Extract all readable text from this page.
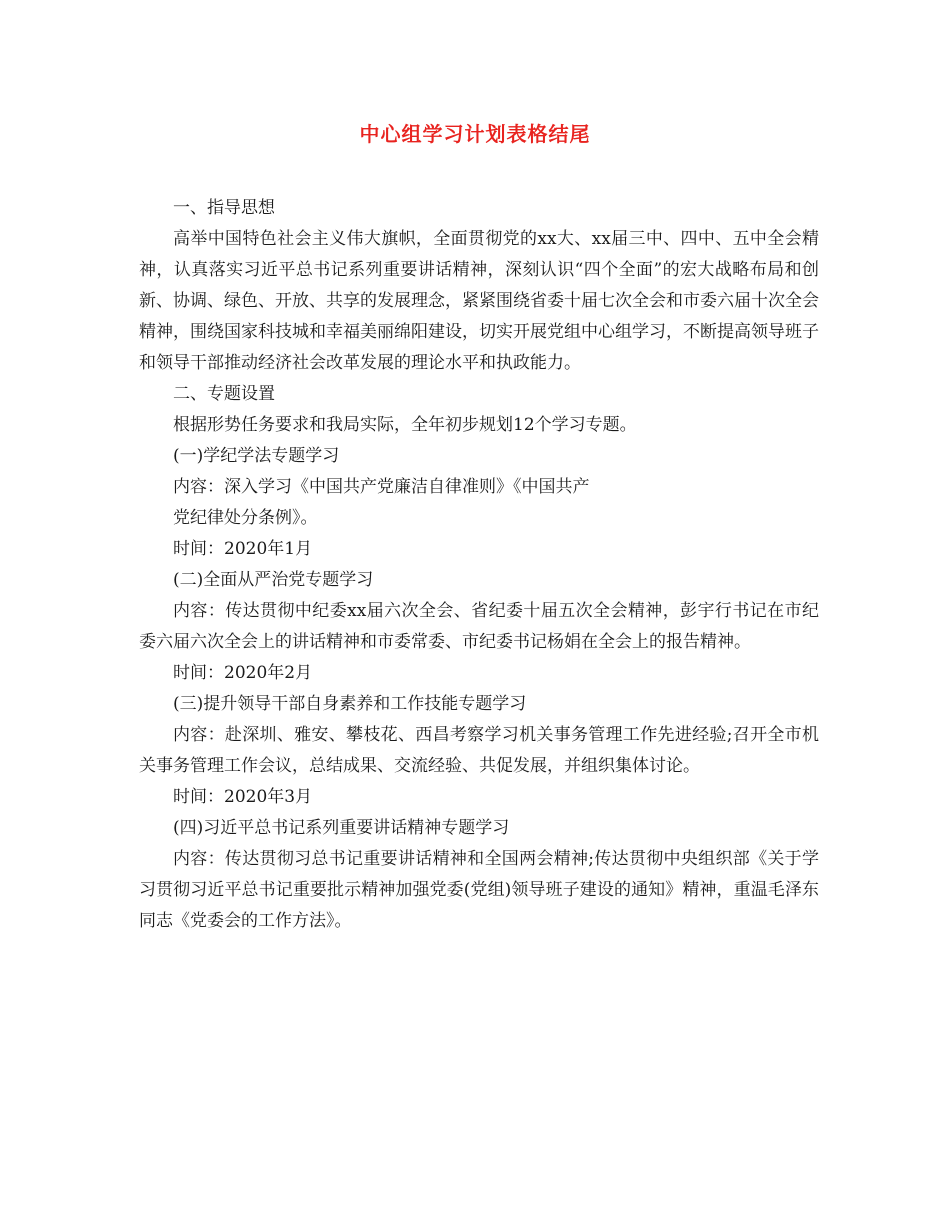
中心组学习计划表格结尾

一、指导思想

高举中国特色社会主义伟大旗帜，全面贯彻党的xx大、xx届三中、四中、五中全会精神，认真落实习近平总书记系列重要讲话精神，深刻认识“四个全面”的宏大战略布局和创新、协调、绿色、开放、共享的发展理念，紧紧围绕省委十届七次全会和市委六届十次全会精神，围绕国家科技城和幸福美丽绵阳建设，切实开展党组中心组学习，不断提高领导班子和领导干部推动经济社会改革发展的理论水平和执政能力。

二、专题设置

根据形势任务要求和我局实际，全年初步规划12个学习专题。

(一)学纪学法专题学习

内容：深入学习《中国共产党廉洁自律准则》《中国共产

党纪律处分条例》。

时间：2020年1月

(二)全面从严治党专题学习

内容：传达贯彻中纪委xx届六次全会、省纪委十届五次全会精神，彭宇行书记在市纪委六届六次全会上的讲话精神和市委常委、市纪委书记杨娟在全会上的报告精神。

时间：2020年2月

(三)提升领导干部自身素养和工作技能专题学习

内容：赴深圳、雅安、攀枝花、西昌考察学习机关事务管理工作先进经验;召开全市机关事务管理工作会议，总结成果、交流经验、共促发展，并组织集体讨论。

时间：2020年3月

(四)习近平总书记系列重要讲话精神专题学习

内容：传达贯彻习总书记重要讲话精神和全国两会精神;传达贯彻中央组织部《关于学习贯彻习近平总书记重要批示精神加强党委(党组)领导班子建设的通知》精神，重温毛泽东同志《党委会的工作方法》。
